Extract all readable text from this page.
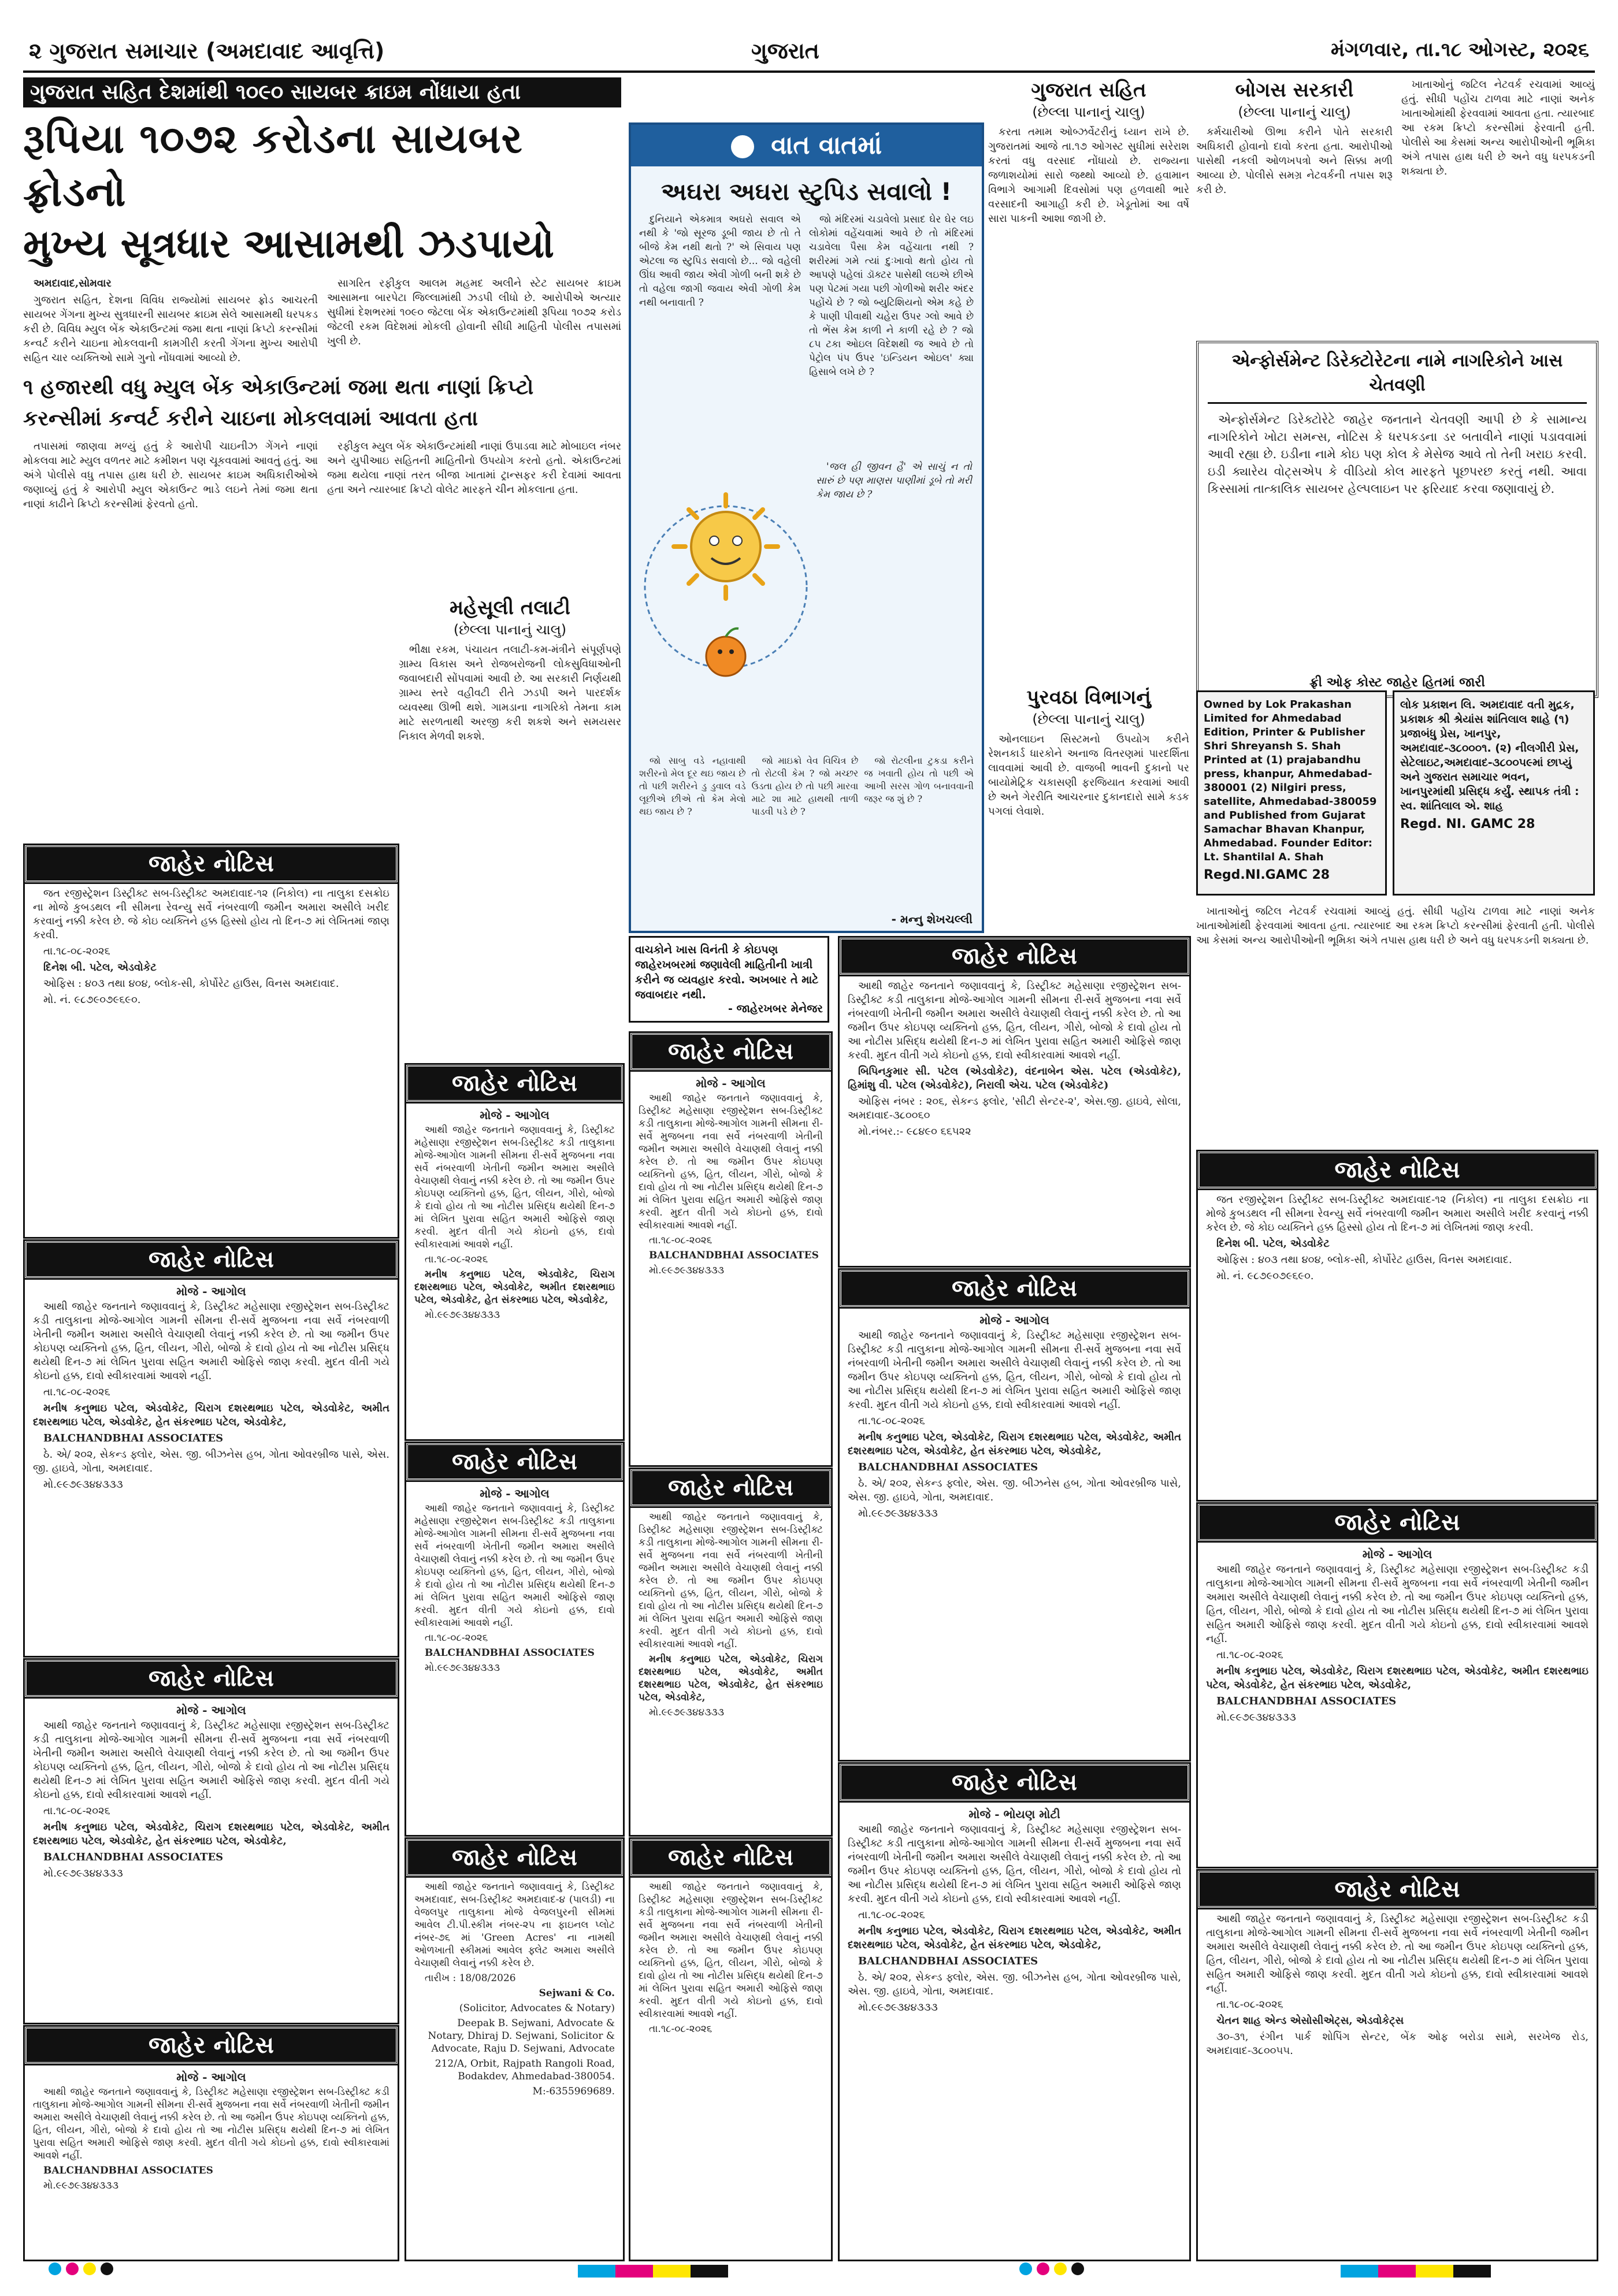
૨ ગુજરાત સમાચાર (અમદાવાદ આવૃત્તિ)	ગુજરાત	મંગળવાર, તા.૧૮ ઓગસ્ટ, ૨૦૨૬
ગુજરાત સહિત દેશમાંથી ૧૦૯૦ સાયબર ક્રાઇમ નોંધાયા હતા
રૂપિયા ૧૦૭૨ કરોડના સાયબર ફ્રોડનો
મુખ્ય સૂત્રધાર આસામથી ઝડપાયો

અમદાવાદ,સોમવાર

ગુજરાત સહિત, દેશના વિવિધ રાજ્યોમાં સાયબર ફ્રોડ આચરતી સાયબર ગેંગના મુખ્ય સુત્રધારની સાયબર ક્રાઇમ સેલે આસામથી ધરપકડ કરી છે. વિવિધ મ્યુલ બેંક એકાઉન્ટમાં જમા થતા નાણાં ક્રિપ્ટો કરન્સીમાં કન્વર્ટ કરીને ચાઇના મોકલવાની કામગીરી કરતી ગેંગના મુખ્ય આરોપી સહિત ચાર વ્યક્તિઓ સામે ગુનો નોંધવામાં આવ્યો છે.

સાગરિત રફીકુલ આલમ મહમદ અલીને સ્ટેટ સાયબર ક્રાઇમ આસામના બારપેટા જિલ્લામાંથી ઝડપી લીધો છે. આરોપીએ અત્યાર સુધીમાં દેશભરમાં ૧૦૯૦ જેટલા બેંક એકાઉન્ટમાંથી રૂપિયા ૧૦૭૨ કરોડ જેટલી રકમ વિદેશમાં મોકલી હોવાની સીધી માહિતી પોલીસ તપાસમાં ખુલી છે.

૧ હજારથી વધુ મ્યુલ બેંક એકાઉન્ટમાં જમા થતા નાણાં ક્રિપ્ટો
કરન્સીમાં કન્વર્ટ કરીને ચાઇના મોકલવામાં આવતા હતા

તપાસમાં જાણવા મળ્યું હતું કે આરોપી ચાઇનીઝ ગેંગને નાણાં મોકલવા માટે મ્યુલ વળતર માટે કમીશન પણ ચૂકવવામાં આવતું હતું. આ અંગે પોલીસે વધુ તપાસ હાથ ધરી છે. સાયબર ક્રાઇમ અધિકારીઓએ જણાવ્યું હતું કે આરોપી મ્યુલ એકાઉન્ટ ભાડે લઇને તેમાં જમા થતા નાણાં કાઢીને ક્રિપ્ટો કરન્સીમાં ફેરવતો હતો.

રફીકુલ મ્યુલ બેંક એકાઉન્ટમાંથી નાણાં ઉપાડવા માટે મોબાઇલ નંબર અને યુપીઆઇ સહિતની માહિતીનો ઉપયોગ કરતો હતો. એકાઉન્ટમાં જમા થયેલા નાણાં તરત બીજા ખાતામાં ટ્રાન્સફર કરી દેવામાં આવતા હતા અને ત્યારબાદ ક્રિપ્ટો વોલેટ મારફતે ચીન મોકલાતા હતા.

વાત વાતમાં
અઘરા અઘરા સ્ટુપિડ સવાલો !

દુનિયાને એકમાત્ર અઘરો સવાલ એ નથી કે 'જો સૂરજ ડૂબી જાય છે તો તે બીજે કેમ નથી થતો ?' એ સિવાય પણ એટલા જ સ્ટુપિડ સવાલો છે... જો વહેલી ઊંઘ આવી જાય એવી ગોળી બની શકે છે તો વહેલા જાગી જવાય એવી ગોળી કેમ નથી બનાવાતી ?

જો મંદિરમાં ચડાવેલો પ્રસાદ ઘેર ઘેર લઇ લોકોમાં વહેંચવામાં આવે છે તો મંદિરમાં ચડાવેલા પૈસા કેમ વહેંચાતા નથી ? શરીરમાં ગમે ત્યાં દુઃખાવો થતો હોય તો આપણે પહેલાં ડૉક્ટર પાસેથી લઇએ છીએ પણ પેટમાં ગયા પછી ગોળીઓ શરીર અંદર પહોંચે છે ? જો બ્યુટિશિયનો એમ કહે છે કે પાણી પીવાથી ચહેરા ઉપર ગ્લો આવે છે તો ભેંસ કેમ કાળી ને કાળી રહે છે ? જો ૮૫ ટકા ઓઇલ વિદેશથી જ આવે છે તો પેટ્રોલ પંપ ઉપર 'ઇન્ડિયન ઓઇલ' ક્યા હિસાબે લખે છે ?

'જલ હી જીવન હૈ' એ સાચું ન તો સારું છે પણ માણસ પાણીમાં ડૂબે તો મરી કેમ જાય છે ?

જો સાબુ વડે નહાવાથી શરીરનો મેલ દૂર થઇ જાય છે તો પછી શરીરને ડુ ડુવાલ વડે લૂછીએ છીએ તો કેમ મેલો થઇ જાય છે ?

જો માઇક્રો વેવ વિચિત્ર છે તો રોટલી કેમ ? જો મચ્છર ઉડતા હોય છે તો પછી મારવા માટે શા માટે હાથથી તાળી પાડવી પડે છે ?

જો રોટલીના ટુકડા કરીને જ ખવાતી હોય તો પછી એ આખી સરસ ગોળ બનાવવાની જરૂર જ શું છે ?

- મન્નુ શેખચલ્લી
મહેસૂલી તલાટી
(છેલ્લા પાનાનું ચાલુ)

ભીક્ષા રકમ, પંચાયત તલાટી-કમ-મંત્રીને સંપૂર્ણપણે ગ્રામ્ય વિકાસ અને રોજબરોજની લોકસુવિધાઓની જવાબદારી સોંપવામાં આવી છે. આ સરકારી નિર્ણયથી ગ્રામ્ય સ્તરે વહીવટી રીતે ઝડપી અને પારદર્શક વ્યવસ્થા ઊભી થશે. ગામડાના નાગરિકો તેમના કામ માટે સરળતાથી અરજી કરી શકશે અને સમયસર નિકાલ મેળવી શકશે.

ગુજરાત સહિત
(છેલ્લા પાનાનું ચાલુ)

કરતા તમામ ઓબ્ઝર્વેટરીનું ધ્યાન રાખે છે. ગુજરાતમાં આજે તા.૧૭ ઓગસ્ટ સુધીમાં સરેરાશ કરતાં વધુ વરસાદ નોંધાયો છે. રાજ્યના જળાશયોમાં સારો જથ્થો આવ્યો છે. હવામાન વિભાગે આગામી દિવસોમાં પણ હળવાથી ભારે વરસાદની આગાહી કરી છે. ખેડૂતોમાં આ વર્ષે સારા પાકની આશા જાગી છે.

પુરવઠા વિભાગનું
(છેલ્લા પાનાનું ચાલુ)

ઓનલાઇન સિસ્ટમનો ઉપયોગ કરીને રેશનકાર્ડ ધારકોને અનાજ વિતરણમાં પારદર્શિતા લાવવામાં આવી છે. વાજબી ભાવની દુકાનો પર બાયોમેટ્રિક ચકાસણી ફરજિયાત કરવામાં આવી છે અને ગેરરીતિ આચરનાર દુકાનદારો સામે કડક પગલાં લેવાશે.

બોગસ સરકારી
(છેલ્લા પાનાનું ચાલુ)

કર્મચારીઓ ઊભા કરીને પોતે સરકારી અધિકારી હોવાનો દાવો કરતા હતા. આરોપીઓ પાસેથી નકલી ઓળખપત્રો અને સિક્કા મળી આવ્યા છે. પોલીસે સમગ્ર નેટવર્કની તપાસ શરૂ કરી છે.

ખાતાઓનું જટિલ નેટવર્ક રચવામાં આવ્યું હતું. સીધી પહોંચ ટાળવા માટે નાણાં અનેક ખાતાઓમાંથી ફેરવવામાં આવતા હતા. ત્યારબાદ આ રકમ ક્રિપ્ટો કરન્સીમાં ફેરવાતી હતી. પોલીસે આ કેસમાં અન્ય આરોપીઓની ભૂમિકા અંગે તપાસ હાથ ધરી છે અને વધુ ધરપકડની શક્યતા છે.

એન્ફોર્સમેન્ટ ડિરેક્ટોરેટના નામે નાગરિકોને ખાસ ચેતવણી

એન્ફોર્સમેન્ટ ડિરેક્ટોરેટે જાહેર જનતાને ચેતવણી આપી છે કે સામાન્ય નાગરિકોને ખોટા સમન્સ, નોટિસ કે ધરપકડના ડર બતાવીને નાણાં પડાવવામાં આવી રહ્યા છે. ઇડીના નામે કોઇ પણ કોલ કે મેસેજ આવે તો તેની ખરાઇ કરવી. ઇડી ક્યારેય વોટ્સએપ કે વીડિયો કોલ મારફતે પૂછપરછ કરતું નથી. આવા કિસ્સામાં તાત્કાલિક સાયબર હેલ્પલાઇન પર ફરિયાદ કરવા જણાવાયું છે.

ફ્રી ઓફ કોસ્ટ જાહેર હિતમાં જારી
Owned by Lok Prakashan Limited for Ahmedabad Edition, Printer & Publisher Shri Shreyansh S. Shah Printed at (1) prajabandhu press, khanpur, Ahmedabad-380001 (2) Nilgiri press, satellite, Ahmedabad-380059 and Published from Gujarat Samachar Bhavan Khanpur, Ahmedabad. Founder Editor: Lt. Shantilal A. Shah
Regd.NI.GAMC 28
લોક પ્રકાશન લિ. અમદાવાદ વતી મુદ્રક, પ્રકાશક શ્રી શ્રેયાંસ શાંતિલાલ શાહે (૧) પ્રજાબંધુ પ્રેસ, ખાનપુર, અમદાવાદ-૩૮૦૦૦૧. (૨) નીલગીરી પ્રેસ, સેટેલાઇટ,અમદાવાદ-૩૮૦૦૫૯માં છાપ્યું અને ગુજરાત સમાચાર ભવન, ખાનપુરમાંથી પ્રસિદ્ધ કર્યું. સ્થાપક તંત્રી : સ્વ. શાંતિલાલ એ. શાહ
Regd. NI. GAMC 28
વાચકોને ખાસ વિનંતી કે કોઇપણ જાહેરખબરમાં જણાવેલી માહિતીની ખાત્રી કરીને જ વ્યવહાર કરવો. અખબાર તે માટે જવાબદાર નથી.
- જાહેરખબર મેનેજર
જાહેર નોટિસ

જત રજીસ્ટ્રેશન ડિસ્ટ્રીક્ટ સબ-ડિસ્ટ્રીક્ટ અમદાવાદ-૧૨ (નિકોલ) ના તાલુકા દસક્રોઇ ના મોજે કુબડથલ ની સીમના રેવન્યુ સર્વે નંબરવાળી જમીન અમારા અસીલે ખરીદ કરવાનું નક્કી કરેલ છે. જે કોઇ વ્યક્તિને હક્ક હિસ્સો હોય તો દિન-૭ માં લેખિતમાં જાણ કરવી.

તા.૧૮-૦૮-૨૦૨૬

દિનેશ બી. પટેલ, એડવોકેટ

ઓફિસ : ૪૦૩ તથા ૪૦૪, બ્લોક-સી, કોર્પોરેટ હાઉસ, વિનસ અમદાવાદ.

મો. નં. ૯૮૭૯૦૭૯૬૯૦.

જાહેર નોટિસ
મોજે - આગોલ

આથી જાહેર જનતાને જણાવવાનું કે, ડિસ્ટ્રીક્ટ મહેસાણા રજીસ્ટ્રેશન સબ-ડિસ્ટ્રીક્ટ કડી તાલુકાના મોજે-આગોલ ગામની સીમના રી-સર્વે મુજબના નવા સર્વે નંબરવાળી ખેતીની જમીન અમારા અસીલે વેચાણથી લેવાનું નક્કી કરેલ છે. તો આ જમીન ઉપર કોઇપણ વ્યક્તિનો હક્ક, હિત, લીયન, ગીરો, બોજો કે દાવો હોય તો આ નોટીસ પ્રસિદ્ધ થયેથી દિન-૭ માં લેખિત પુરાવા સહિત અમારી ઓફિસે જાણ કરવી. મુદત વીતી ગયે કોઇનો હક્ક, દાવો સ્વીકારવામાં આવશે નહીં.

તા.૧૮-૦૮-૨૦૨૬

મનીષ કનુભાઇ પટેલ, એડવોકેટ, ચિરાગ દશરથભાઇ પટેલ, એડવોકેટ, અમીત દશરથભાઇ પટેલ, એડવોકેટ, હેત સંકરભાઇ પટેલ, એડવોકેટ,

BALCHANDBHAI ASSOCIATES

ઠે. એ/ ૨૦૨, સેકન્ડ ફ્લોર, એસ. જી. બીઝનેસ હબ, ગોતા ઓવરબ્રીજ પાસે, એસ. જી. હાઇવે, ગોતા, અમદાવાદ.

મો.૯૯૭૯૩૪૪૩૩૩

જાહેર નોટિસ
મોજે - આગોલ

આથી જાહેર જનતાને જણાવવાનું કે, ડિસ્ટ્રીક્ટ મહેસાણા રજીસ્ટ્રેશન સબ-ડિસ્ટ્રીક્ટ કડી તાલુકાના મોજે-આગોલ ગામની સીમના રી-સર્વે મુજબના નવા સર્વે નંબરવાળી ખેતીની જમીન અમારા અસીલે વેચાણથી લેવાનું નક્કી કરેલ છે. તો આ જમીન ઉપર કોઇપણ વ્યક્તિનો હક્ક, હિત, લીયન, ગીરો, બોજો કે દાવો હોય તો આ નોટીસ પ્રસિદ્ધ થયેથી દિન-૭ માં લેખિત પુરાવા સહિત અમારી ઓફિસે જાણ કરવી. મુદત વીતી ગયે કોઇનો હક્ક, દાવો સ્વીકારવામાં આવશે નહીં.

તા.૧૮-૦૮-૨૦૨૬

મનીષ કનુભાઇ પટેલ, એડવોકેટ, ચિરાગ દશરથભાઇ પટેલ, એડવોકેટ, અમીત દશરથભાઇ પટેલ, એડવોકેટ, હેત સંકરભાઇ પટેલ, એડવોકેટ,

BALCHANDBHAI ASSOCIATES

મો.૯૯૭૯૩૪૪૩૩૩

જાહેર નોટિસ
મોજે - આગોલ

આથી જાહેર જનતાને જણાવવાનું કે, ડિસ્ટ્રીક્ટ મહેસાણા રજીસ્ટ્રેશન સબ-ડિસ્ટ્રીક્ટ કડી તાલુકાના મોજે-આગોલ ગામની સીમના રી-સર્વે મુજબના નવા સર્વે નંબરવાળી ખેતીની જમીન અમારા અસીલે વેચાણથી લેવાનું નક્કી કરેલ છે. તો આ જમીન ઉપર કોઇપણ વ્યક્તિનો હક્ક, હિત, લીયન, ગીરો, બોજો કે દાવો હોય તો આ નોટીસ પ્રસિદ્ધ થયેથી દિન-૭ માં લેખિત પુરાવા સહિત અમારી ઓફિસે જાણ કરવી. મુદત વીતી ગયે કોઇનો હક્ક, દાવો સ્વીકારવામાં આવશે નહીં.

BALCHANDBHAI ASSOCIATES

મો.૯૯૭૯૩૪૪૩૩૩

જાહેર નોટિસ
મોજે - આગોલ

આથી જાહેર જનતાને જણાવવાનું કે, ડિસ્ટ્રીક્ટ મહેસાણા રજીસ્ટ્રેશન સબ-ડિસ્ટ્રીક્ટ કડી તાલુકાના મોજે-આગોલ ગામની સીમના રી-સર્વે મુજબના નવા સર્વે નંબરવાળી ખેતીની જમીન અમારા અસીલે વેચાણથી લેવાનું નક્કી કરેલ છે. તો આ જમીન ઉપર કોઇપણ વ્યક્તિનો હક્ક, હિત, લીયન, ગીરો, બોજો કે દાવો હોય તો આ નોટીસ પ્રસિદ્ધ થયેથી દિન-૭ માં લેખિત પુરાવા સહિત અમારી ઓફિસે જાણ કરવી. મુદત વીતી ગયે કોઇનો હક્ક, દાવો સ્વીકારવામાં આવશે નહીં.

તા.૧૮-૦૮-૨૦૨૬

મનીષ કનુભાઇ પટેલ, એડવોકેટ, ચિરાગ દશરથભાઇ પટેલ, એડવોકેટ, અમીત દશરથભાઇ પટેલ, એડવોકેટ, હેત સંકરભાઇ પટેલ, એડવોકેટ,

મો.૯૯૭૯૩૪૪૩૩૩

જાહેર નોટિસ
મોજે - આગોલ

આથી જાહેર જનતાને જણાવવાનું કે, ડિસ્ટ્રીક્ટ મહેસાણા રજીસ્ટ્રેશન સબ-ડિસ્ટ્રીક્ટ કડી તાલુકાના મોજે-આગોલ ગામની સીમના રી-સર્વે મુજબના નવા સર્વે નંબરવાળી ખેતીની જમીન અમારા અસીલે વેચાણથી લેવાનું નક્કી કરેલ છે. તો આ જમીન ઉપર કોઇપણ વ્યક્તિનો હક્ક, હિત, લીયન, ગીરો, બોજો કે દાવો હોય તો આ નોટીસ પ્રસિદ્ધ થયેથી દિન-૭ માં લેખિત પુરાવા સહિત અમારી ઓફિસે જાણ કરવી. મુદત વીતી ગયે કોઇનો હક્ક, દાવો સ્વીકારવામાં આવશે નહીં.

તા.૧૮-૦૮-૨૦૨૬

BALCHANDBHAI ASSOCIATES

મો.૯૯૭૯૩૪૪૩૩૩

જાહેર નોટિસ

આથી જાહેર જનતાને જણાવવાનું કે, ડિસ્ટ્રીક્ટ અમદાવાદ, સબ-ડિસ્ટ્રીક્ટ અમદાવાદ-૪ (પાલડી) ના વેજલપુર તાલુકાના મોજે વેજલપુરની સીમમાં આવેલ ટી.પી.સ્કીમ નંબર-૨૫ ના ફાઇનલ પ્લોટ નંબર-૭૬ માં 'Green Acres' ના નામથી ઓળખાતી સ્કીમમાં આવેલ ફ્લેટ અમારા અસીલે વેચાણથી લેવાનું નક્કી કરેલ છે.

તારીખ : 18/08/2026

Sejwani & Co.

(Solicitor, Advocates & Notary)

Deepak B. Sejwani, Advocate & Notary, Dhiraj D. Sejwani, Solicitor & Advocate, Raju D. Sejwani, Advocate

212/A, Orbit, Rajpath Rangoli Road, Bodakdev, Ahmedabad-380054.

M:-6355969689.

જાહેર નોટિસ

આથી જાહેર જનતાને જણાવવાનું કે, ડિસ્ટ્રીક્ટ મહેસાણા રજીસ્ટ્રેશન સબ-ડિસ્ટ્રીક્ટ કડી તાલુકાના મોજે-આગોલ ગામની સીમના રી-સર્વે મુજબના નવા સર્વે નંબરવાળી ખેતીની જમીન અમારા અસીલે વેચાણથી લેવાનું નક્કી કરેલ છે. તો આ જમીન ઉપર કોઇપણ વ્યક્તિનો હક્ક, હિત, લીયન, ગીરો, બોજો કે દાવો હોય તો આ નોટીસ પ્રસિદ્ધ થયેથી દિન-૭ માં લેખિત પુરાવા સહિત અમારી ઓફિસે જાણ કરવી. મુદત વીતી ગયે કોઇનો હક્ક, દાવો સ્વીકારવામાં આવશે નહીં.

બિપિનકુમાર સી. પટેલ (એડવોકેટ), વંદનાબેન એસ. પટેલ (એડવોકેટ), હિમાંશુ વી. પટેલ (એડવોકેટ), નિરાલી એચ. પટેલ (એડવોકેટ)

ઓફિસ નંબર : ૨૦૬, સેકન્ડ ફ્લોર, 'સીટી સેન્ટર-૨', એસ.જી. હાઇવે, સોલા, અમદાવાદ-૩૮૦૦૬૦

મો.નંબર.:- ૯૮૪૯૦ ૬૬૫૨૨

જાહેર નોટિસ
મોજે - આગોલ

આથી જાહેર જનતાને જણાવવાનું કે, ડિસ્ટ્રીક્ટ મહેસાણા રજીસ્ટ્રેશન સબ-ડિસ્ટ્રીક્ટ કડી તાલુકાના મોજે-આગોલ ગામની સીમના રી-સર્વે મુજબના નવા સર્વે નંબરવાળી ખેતીની જમીન અમારા અસીલે વેચાણથી લેવાનું નક્કી કરેલ છે. તો આ જમીન ઉપર કોઇપણ વ્યક્તિનો હક્ક, હિત, લીયન, ગીરો, બોજો કે દાવો હોય તો આ નોટીસ પ્રસિદ્ધ થયેથી દિન-૭ માં લેખિત પુરાવા સહિત અમારી ઓફિસે જાણ કરવી. મુદત વીતી ગયે કોઇનો હક્ક, દાવો સ્વીકારવામાં આવશે નહીં.

તા.૧૮-૦૮-૨૦૨૬

BALCHANDBHAI ASSOCIATES

મો.૯૯૭૯૩૪૪૩૩૩

જાહેર નોટિસ

આથી જાહેર જનતાને જણાવવાનું કે, ડિસ્ટ્રીક્ટ મહેસાણા રજીસ્ટ્રેશન સબ-ડિસ્ટ્રીક્ટ કડી તાલુકાના મોજે-આગોલ ગામની સીમના રી-સર્વે મુજબના નવા સર્વે નંબરવાળી ખેતીની જમીન અમારા અસીલે વેચાણથી લેવાનું નક્કી કરેલ છે. તો આ જમીન ઉપર કોઇપણ વ્યક્તિનો હક્ક, હિત, લીયન, ગીરો, બોજો કે દાવો હોય તો આ નોટીસ પ્રસિદ્ધ થયેથી દિન-૭ માં લેખિત પુરાવા સહિત અમારી ઓફિસે જાણ કરવી. મુદત વીતી ગયે કોઇનો હક્ક, દાવો સ્વીકારવામાં આવશે નહીં.

મનીષ કનુભાઇ પટેલ, એડવોકેટ, ચિરાગ દશરથભાઇ પટેલ, એડવોકેટ, અમીત દશરથભાઇ પટેલ, એડવોકેટ, હેત સંકરભાઇ પટેલ, એડવોકેટ,

મો.૯૯૭૯૩૪૪૩૩૩

જાહેર નોટિસ
મોજે - આગોલ

આથી જાહેર જનતાને જણાવવાનું કે, ડિસ્ટ્રીક્ટ મહેસાણા રજીસ્ટ્રેશન સબ-ડિસ્ટ્રીક્ટ કડી તાલુકાના મોજે-આગોલ ગામની સીમના રી-સર્વે મુજબના નવા સર્વે નંબરવાળી ખેતીની જમીન અમારા અસીલે વેચાણથી લેવાનું નક્કી કરેલ છે. તો આ જમીન ઉપર કોઇપણ વ્યક્તિનો હક્ક, હિત, લીયન, ગીરો, બોજો કે દાવો હોય તો આ નોટીસ પ્રસિદ્ધ થયેથી દિન-૭ માં લેખિત પુરાવા સહિત અમારી ઓફિસે જાણ કરવી. મુદત વીતી ગયે કોઇનો હક્ક, દાવો સ્વીકારવામાં આવશે નહીં.

તા.૧૮-૦૮-૨૦૨૬

મનીષ કનુભાઇ પટેલ, એડવોકેટ, ચિરાગ દશરથભાઇ પટેલ, એડવોકેટ, અમીત દશરથભાઇ પટેલ, એડવોકેટ, હેત સંકરભાઇ પટેલ, એડવોકેટ,

BALCHANDBHAI ASSOCIATES

ઠે. એ/ ૨૦૨, સેકન્ડ ફ્લોર, એસ. જી. બીઝનેસ હબ, ગોતા ઓવરબ્રીજ પાસે, એસ. જી. હાઇવે, ગોતા, અમદાવાદ.

મો.૯૯૭૯૩૪૪૩૩૩

જાહેર નોટિસ

આથી જાહેર જનતાને જણાવવાનું કે, ડિસ્ટ્રીક્ટ મહેસાણા રજીસ્ટ્રેશન સબ-ડિસ્ટ્રીક્ટ કડી તાલુકાના મોજે-આગોલ ગામની સીમના રી-સર્વે મુજબના નવા સર્વે નંબરવાળી ખેતીની જમીન અમારા અસીલે વેચાણથી લેવાનું નક્કી કરેલ છે. તો આ જમીન ઉપર કોઇપણ વ્યક્તિનો હક્ક, હિત, લીયન, ગીરો, બોજો કે દાવો હોય તો આ નોટીસ પ્રસિદ્ધ થયેથી દિન-૭ માં લેખિત પુરાવા સહિત અમારી ઓફિસે જાણ કરવી. મુદત વીતી ગયે કોઇનો હક્ક, દાવો સ્વીકારવામાં આવશે નહીં.

તા.૧૮-૦૮-૨૦૨૬

જાહેર નોટિસ
મોજે - ભોયણ મોટી

આથી જાહેર જનતાને જણાવવાનું કે, ડિસ્ટ્રીક્ટ મહેસાણા રજીસ્ટ્રેશન સબ-ડિસ્ટ્રીક્ટ કડી તાલુકાના મોજે-આગોલ ગામની સીમના રી-સર્વે મુજબના નવા સર્વે નંબરવાળી ખેતીની જમીન અમારા અસીલે વેચાણથી લેવાનું નક્કી કરેલ છે. તો આ જમીન ઉપર કોઇપણ વ્યક્તિનો હક્ક, હિત, લીયન, ગીરો, બોજો કે દાવો હોય તો આ નોટીસ પ્રસિદ્ધ થયેથી દિન-૭ માં લેખિત પુરાવા સહિત અમારી ઓફિસે જાણ કરવી. મુદત વીતી ગયે કોઇનો હક્ક, દાવો સ્વીકારવામાં આવશે નહીં.

તા.૧૮-૦૮-૨૦૨૬

મનીષ કનુભાઇ પટેલ, એડવોકેટ, ચિરાગ દશરથભાઇ પટેલ, એડવોકેટ, અમીત દશરથભાઇ પટેલ, એડવોકેટ, હેત સંકરભાઇ પટેલ, એડવોકેટ,

BALCHANDBHAI ASSOCIATES

ઠે. એ/ ૨૦૨, સેકન્ડ ફ્લોર, એસ. જી. બીઝનેસ હબ, ગોતા ઓવરબ્રીજ પાસે, એસ. જી. હાઇવે, ગોતા, અમદાવાદ.

મો.૯૯૭૯૩૪૪૩૩૩

ખાતાઓનું જટિલ નેટવર્ક રચવામાં આવ્યું હતું. સીધી પહોંચ ટાળવા માટે નાણાં અનેક ખાતાઓમાંથી ફેરવવામાં આવતા હતા. ત્યારબાદ આ રકમ ક્રિપ્ટો કરન્સીમાં ફેરવાતી હતી. પોલીસે આ કેસમાં અન્ય આરોપીઓની ભૂમિકા અંગે તપાસ હાથ ધરી છે અને વધુ ધરપકડની શક્યતા છે.

જાહેર નોટિસ

જત રજીસ્ટ્રેશન ડિસ્ટ્રીક્ટ સબ-ડિસ્ટ્રીક્ટ અમદાવાદ-૧૨ (નિકોલ) ના તાલુકા દસક્રોઇ ના મોજે કુબડથલ ની સીમના રેવન્યુ સર્વે નંબરવાળી જમીન અમારા અસીલે ખરીદ કરવાનું નક્કી કરેલ છે. જે કોઇ વ્યક્તિને હક્ક હિસ્સો હોય તો દિન-૭ માં લેખિતમાં જાણ કરવી.

દિનેશ બી. પટેલ, એડવોકેટ

ઓફિસ : ૪૦૩ તથા ૪૦૪, બ્લોક-સી, કોર્પોરેટ હાઉસ, વિનસ અમદાવાદ.

મો. નં. ૯૮૭૯૦૭૯૬૯૦.

જાહેર નોટિસ
મોજે - આગોલ

આથી જાહેર જનતાને જણાવવાનું કે, ડિસ્ટ્રીક્ટ મહેસાણા રજીસ્ટ્રેશન સબ-ડિસ્ટ્રીક્ટ કડી તાલુકાના મોજે-આગોલ ગામની સીમના રી-સર્વે મુજબના નવા સર્વે નંબરવાળી ખેતીની જમીન અમારા અસીલે વેચાણથી લેવાનું નક્કી કરેલ છે. તો આ જમીન ઉપર કોઇપણ વ્યક્તિનો હક્ક, હિત, લીયન, ગીરો, બોજો કે દાવો હોય તો આ નોટીસ પ્રસિદ્ધ થયેથી દિન-૭ માં લેખિત પુરાવા સહિત અમારી ઓફિસે જાણ કરવી. મુદત વીતી ગયે કોઇનો હક્ક, દાવો સ્વીકારવામાં આવશે નહીં.

તા.૧૮-૦૮-૨૦૨૬

મનીષ કનુભાઇ પટેલ, એડવોકેટ, ચિરાગ દશરથભાઇ પટેલ, એડવોકેટ, અમીત દશરથભાઇ પટેલ, એડવોકેટ, હેત સંકરભાઇ પટેલ, એડવોકેટ,

BALCHANDBHAI ASSOCIATES

મો.૯૯૭૯૩૪૪૩૩૩

જાહેર નોટિસ

આથી જાહેર જનતાને જણાવવાનું કે, ડિસ્ટ્રીક્ટ મહેસાણા રજીસ્ટ્રેશન સબ-ડિસ્ટ્રીક્ટ કડી તાલુકાના મોજે-આગોલ ગામની સીમના રી-સર્વે મુજબના નવા સર્વે નંબરવાળી ખેતીની જમીન અમારા અસીલે વેચાણથી લેવાનું નક્કી કરેલ છે. તો આ જમીન ઉપર કોઇપણ વ્યક્તિનો હક્ક, હિત, લીયન, ગીરો, બોજો કે દાવો હોય તો આ નોટીસ પ્રસિદ્ધ થયેથી દિન-૭ માં લેખિત પુરાવા સહિત અમારી ઓફિસે જાણ કરવી. મુદત વીતી ગયે કોઇનો હક્ક, દાવો સ્વીકારવામાં આવશે નહીં.

તા.૧૮-૦૮-૨૦૨૬

ચેતન શાહ એન્ડ એસોસીએટ્સ, એડવોકેટ્સ

૩૦-૩૧, રંગીન પાર્ક શોપિંગ સેન્ટર, બેંક ઓફ બરોડા સામે, સરખેજ રોડ, અમદાવાદ-૩૮૦૦૫૫.
